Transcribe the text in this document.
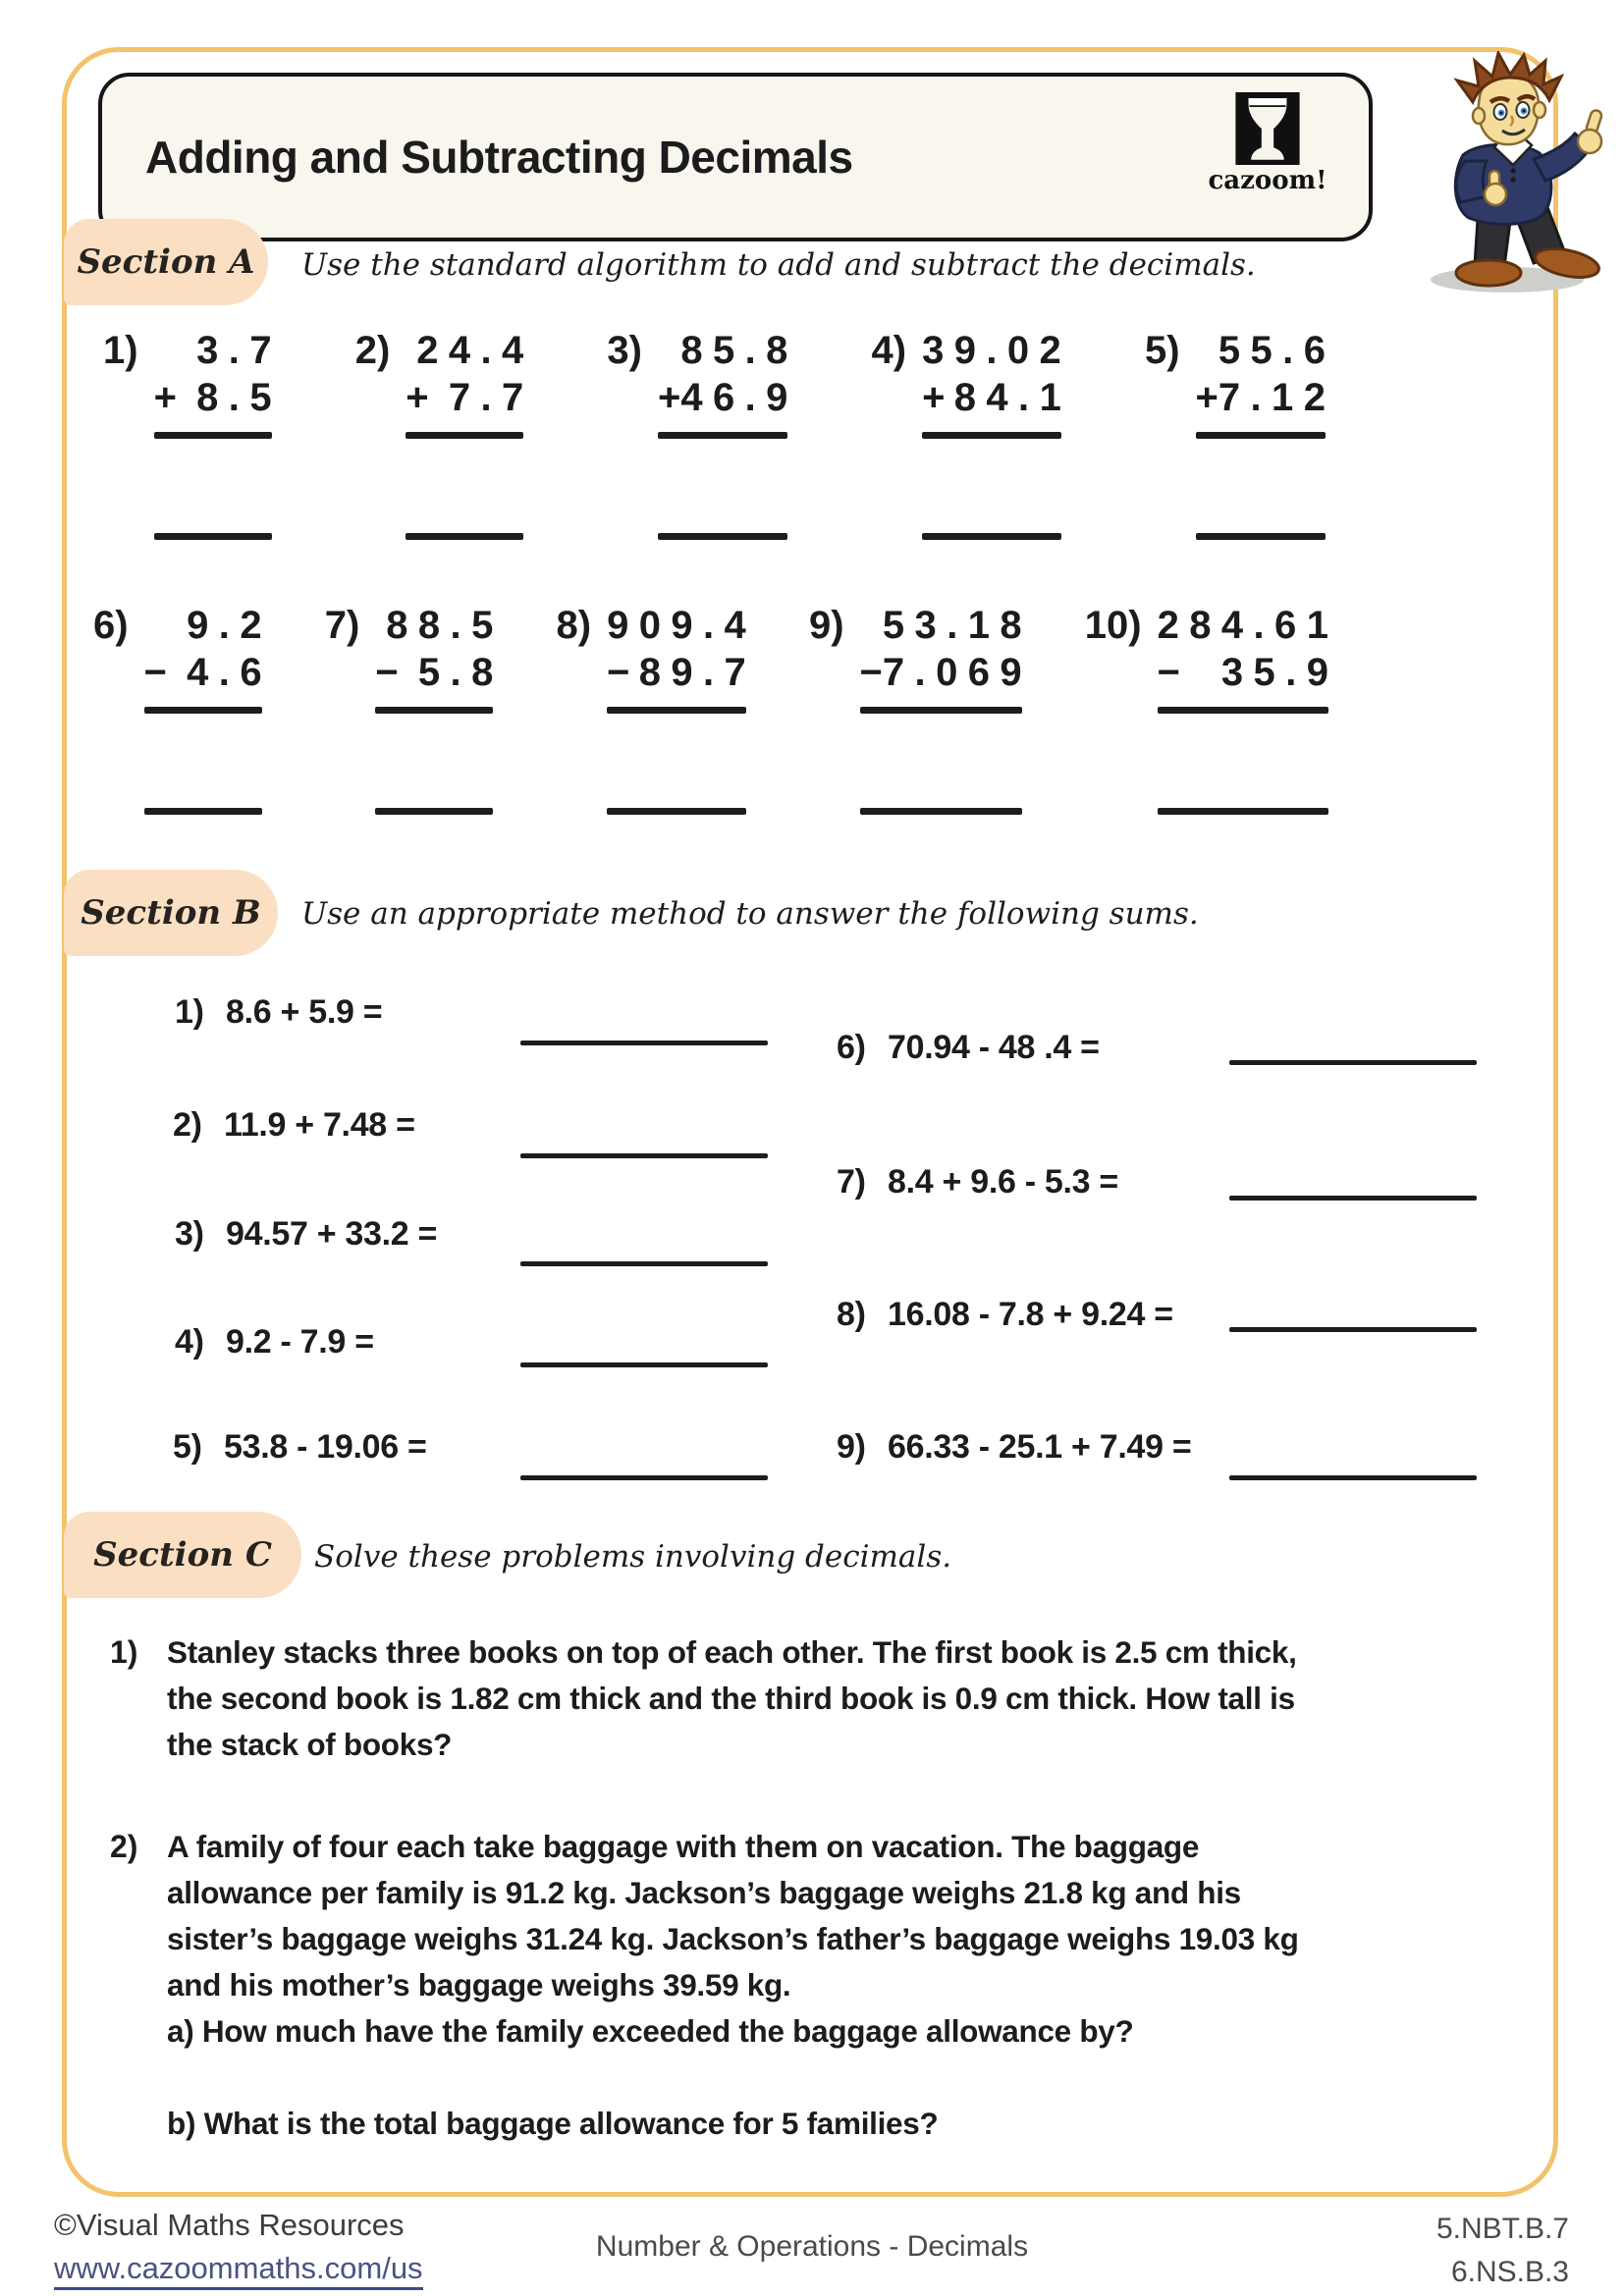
Adding and Subtracting Decimals	cazoom!
Section A	Use the standard algorithm to add and subtract the decimals.
1)	3.7
+ 8.5
2) 24.4
+ 7.7
3) 85.8
+ 46.9
4) 39.02
+ 84.1
5) 55.6
+ 7.12
6)	9.2
− 4.6
7) 88.5
− 5.8
8) 909.4
− 89.7
9) 53.18
− 7.069
10) 284.61
− 35.9
Section B	Use an appropriate method to answer the following sums.
1) 8.6 + 5.9 =
2) 11.9 + 7.48 =
3) 94.57 + 33.2 =
4) 9.2 - 7.9 =
5) 53.8 - 19.06 =
6) 70.94 - 48 .4 =
7) 8.4 + 9.6 - 5.3 =
8) 16.08 - 7.8 + 9.24 =
9) 66.33 - 25.1 + 7.49 =
Section C	Solve these problems involving decimals.
1) Stanley stacks three books on top of each other. The first book is 2.5 cm thick,
the second book is 1.82 cm thick and the third book is 0.9 cm thick. How tall is
the stack of books?
2) A family of four each take baggage with them on vacation. The baggage
allowance per family is 91.2 kg. Jackson’s baggage weighs 21.8 kg and his
sister’s baggage weighs 31.24 kg. Jackson’s father’s baggage weighs 19.03 kg
and his mother’s baggage weighs 39.59 kg.
a) How much have the family exceeded the baggage allowance by?
b) What is the total baggage allowance for 5 families?
©Visual Maths Resources
www.cazoommaths.com/us
Number & Operations - Decimals
5.NBT.B.7
6.NS.B.3
